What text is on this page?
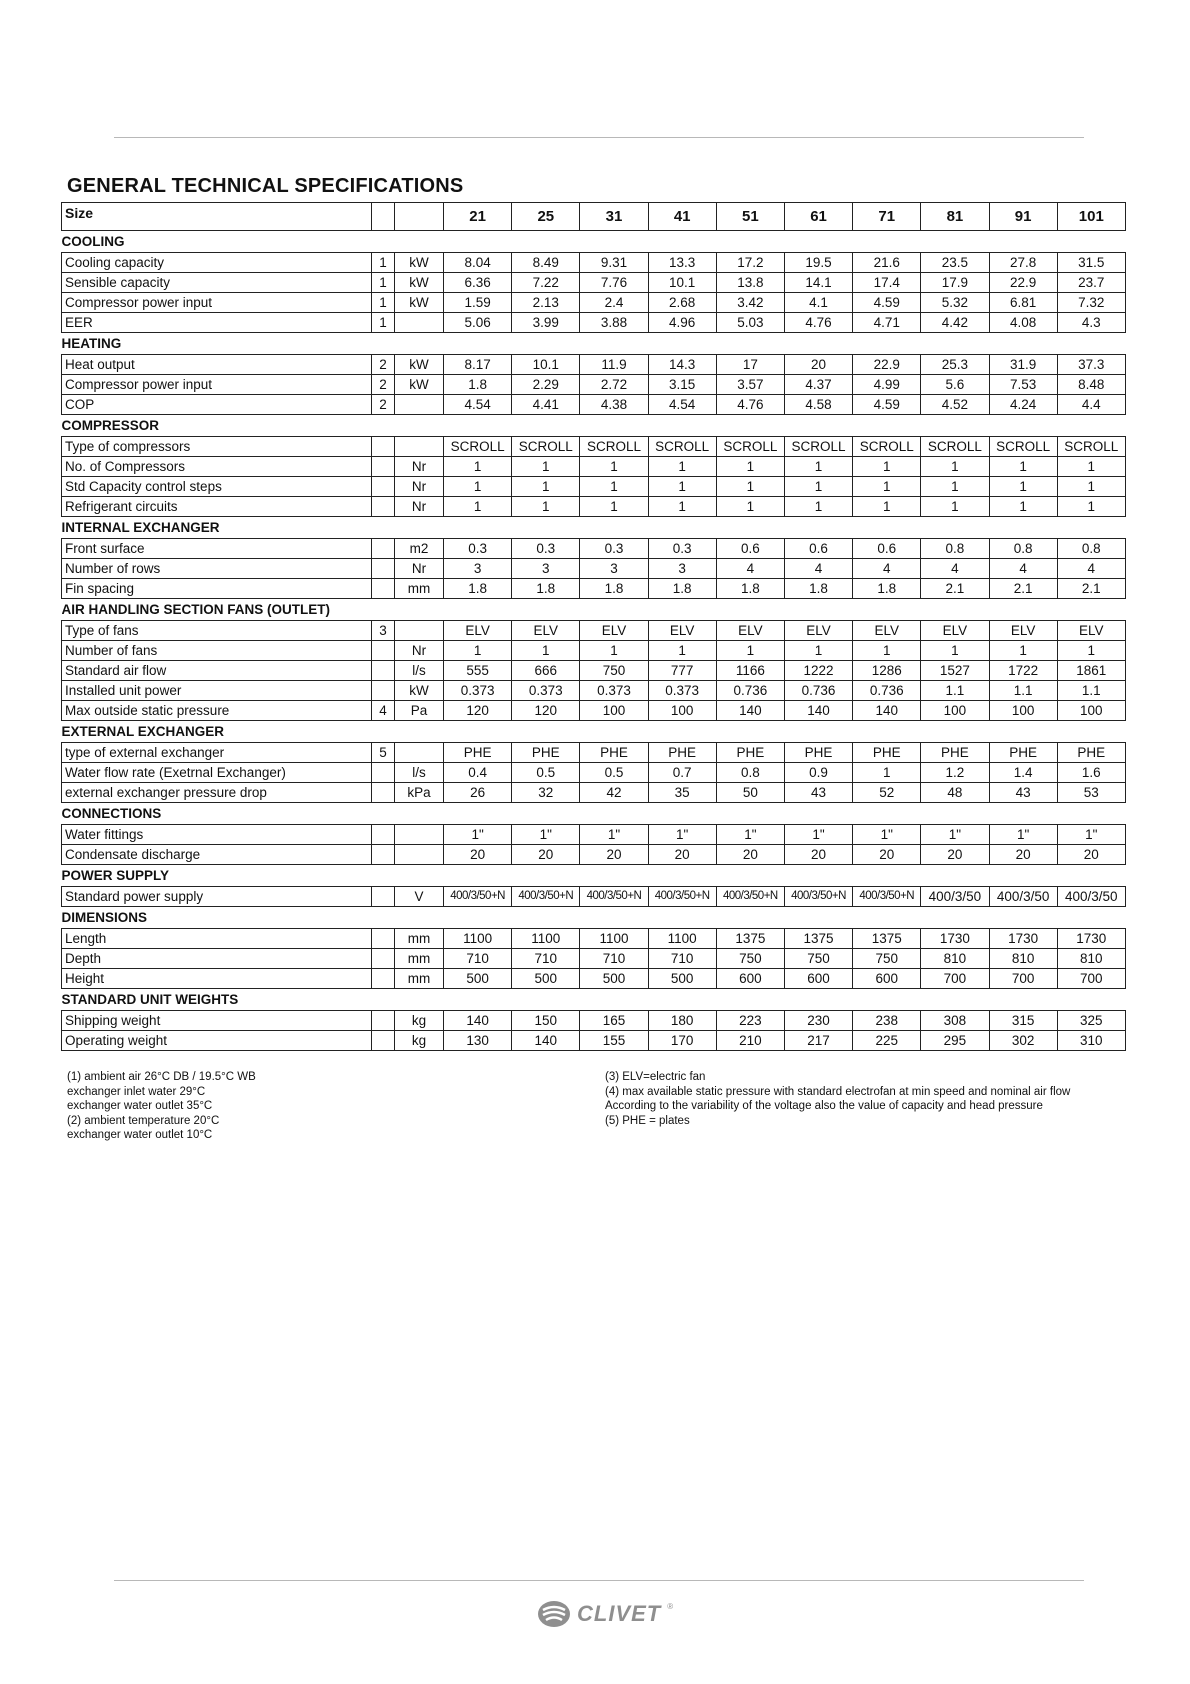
GENERAL TECHNICAL SPECIFICATIONS
Size			21	25	31	41	51	61	71	81	91	101
COOLING												
Cooling capacity	1	kW	8.04	8.49	9.31	13.3	17.2	19.5	21.6	23.5	27.8	31.5
Sensible capacity	1	kW	6.36	7.22	7.76	10.1	13.8	14.1	17.4	17.9	22.9	23.7
Compressor power input	1	kW	1.59	2.13	2.4	2.68	3.42	4.1	4.59	5.32	6.81	7.32
EER	1		5.06	3.99	3.88	4.96	5.03	4.76	4.71	4.42	4.08	4.3
HEATING												
Heat output	2	kW	8.17	10.1	11.9	14.3	17	20	22.9	25.3	31.9	37.3
Compressor power input	2	kW	1.8	2.29	2.72	3.15	3.57	4.37	4.99	5.6	7.53	8.48
COP	2		4.54	4.41	4.38	4.54	4.76	4.58	4.59	4.52	4.24	4.4
COMPRESSOR												
Type of compressors			SCROLL	SCROLL	SCROLL	SCROLL	SCROLL	SCROLL	SCROLL	SCROLL	SCROLL	SCROLL
No. of Compressors		Nr	1	1	1	1	1	1	1	1	1	1
Std Capacity control steps		Nr	1	1	1	1	1	1	1	1	1	1
Refrigerant circuits		Nr	1	1	1	1	1	1	1	1	1	1
INTERNAL EXCHANGER												
Front surface		m2	0.3	0.3	0.3	0.3	0.6	0.6	0.6	0.8	0.8	0.8
Number of rows		Nr	3	3	3	3	4	4	4	4	4	4
Fin spacing		mm	1.8	1.8	1.8	1.8	1.8	1.8	1.8	2.1	2.1	2.1
AIR HANDLING SECTION FANS (OUTLET)												
Type of fans	3		ELV	ELV	ELV	ELV	ELV	ELV	ELV	ELV	ELV	ELV
Number of fans		Nr	1	1	1	1	1	1	1	1	1	1
Standard air flow		l/s	555	666	750	777	1166	1222	1286	1527	1722	1861
Installed unit power		kW	0.373	0.373	0.373	0.373	0.736	0.736	0.736	1.1	1.1	1.1
Max outside static pressure	4	Pa	120	120	100	100	140	140	140	100	100	100
EXTERNAL EXCHANGER												
type of external exchanger	5		PHE	PHE	PHE	PHE	PHE	PHE	PHE	PHE	PHE	PHE
Water flow rate (Exetrnal Exchanger)		l/s	0.4	0.5	0.5	0.7	0.8	0.9	1	1.2	1.4	1.6
external exchanger pressure drop		kPa	26	32	42	35	50	43	52	48	43	53
CONNECTIONS												
Water fittings			1"	1"	1"	1"	1"	1"	1"	1"	1"	1"
Condensate discharge			20	20	20	20	20	20	20	20	20	20
POWER SUPPLY												
Standard power supply		V	400/3/50+N	400/3/50+N	400/3/50+N	400/3/50+N	400/3/50+N	400/3/50+N	400/3/50+N	400/3/50	400/3/50	400/3/50
DIMENSIONS												
Length		mm	1100	1100	1100	1100	1375	1375	1375	1730	1730	1730
Depth		mm	710	710	710	710	750	750	750	810	810	810
Height		mm	500	500	500	500	600	600	600	700	700	700
STANDARD UNIT WEIGHTS												
Shipping weight		kg	140	150	165	180	223	230	238	308	315	325
Operating weight		kg	130	140	155	170	210	217	225	295	302	310
(1) ambient air 26°C DB / 19.5°C WB
exchanger inlet water 29°C
exchanger water outlet 35°C
(2) ambient temperature 20°C
exchanger water outlet 10°C
(3) ELV=electric fan
(4) max available static pressure with standard electrofan at min speed and nominal air flow
According to the variability of the voltage also the value of capacity and head pressure
(5) PHE = plates
CLIVET ®
